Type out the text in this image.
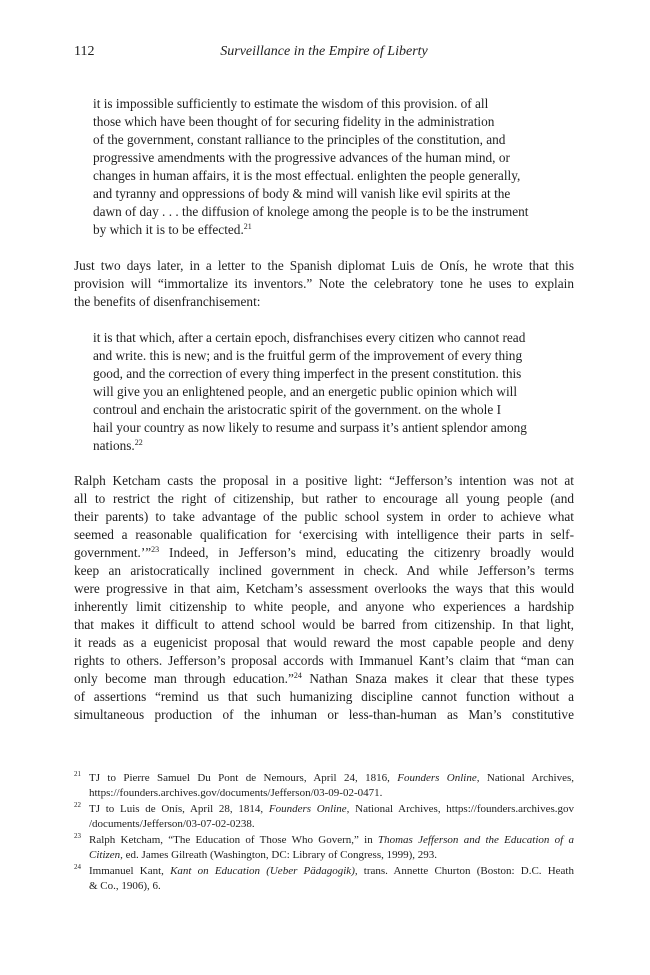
112	Surveillance in the Empire of Liberty
it is impossible sufficiently to estimate the wisdom of this provision. of all
those which have been thought of for securing fidelity in the administration
of the government, constant ralliance to the principles of the constitution, and
progressive amendments with the progressive advances of the human mind, or
changes in human affairs, it is the most effectual. enlighten the people generally,
and tyranny and oppressions of body & mind will vanish like evil spirits at the
dawn of day . . . the diffusion of knolege among the people is to be the instrument
by which it is to be effected.$^{21}$
Just two days later, in a letter to the Spanish diplomat Luis de Onís, he wrote that this
provision will “immortalize its inventors.” Note the celebratory tone he uses to explain
the benefits of disenfranchisement:
it is that which, after a certain epoch, disfranchises every citizen who cannot read
and write. this is new; and is the fruitful germ of the improvement of every thing
good, and the correction of every thing imperfect in the present constitution. this
will give you an enlightened people, and an energetic public opinion which will
controul and enchain the aristocratic spirit of the government. on the whole I
hail your country as now likely to resume and surpass it’s antient splendor among
nations.$^{22}$
Ralph Ketcham casts the proposal in a positive light: “Jefferson’s intention was not at
all to restrict the right of citizenship, but rather to encourage all young people (and
their parents) to take advantage of the public school system in order to achieve what
seemed a reasonable qualification for ‘exercising with intelligence their parts in self-
government.’”$^{23}$ Indeed, in Jefferson’s mind, educating the citizenry broadly would
keep an aristocratically inclined government in check. And while Jefferson’s terms
were progressive in that aim, Ketcham’s assessment overlooks the ways that this would
inherently limit citizenship to white people, and anyone who experiences a hardship
that makes it difficult to attend school would be barred from citizenship. In that light,
it reads as a eugenicist proposal that would reward the most capable people and deny
rights to others. Jefferson’s proposal accords with Immanuel Kant’s claim that “man can
only become man through education.”$^{24}$ Nathan Snaza makes it clear that these types
of assertions “remind us that such humanizing discipline cannot function without a
simultaneous production of the inhuman or less-than-human as Man’s constitutive
21 TJ to Pierre Samuel Du Pont de Nemours, April 24, 1816, Founders Online, National Archives,
https://founders.archives.gov/documents/Jefferson/03-09-02-0471.
22 TJ to Luis de Onís, April 28, 1814, Founders Online, National Archives, https://founders.archives.gov
/documents/Jefferson/03-07-02-0238.
23 Ralph Ketcham, “The Education of Those Who Govern,” in Thomas Jefferson and the Education of a
Citizen, ed. James Gilreath (Washington, DC: Library of Congress, 1999), 293.
24 Immanuel Kant, Kant on Education (Ueber Pädagogik), trans. Annette Churton (Boston: D.C. Heath
& Co., 1906), 6.
